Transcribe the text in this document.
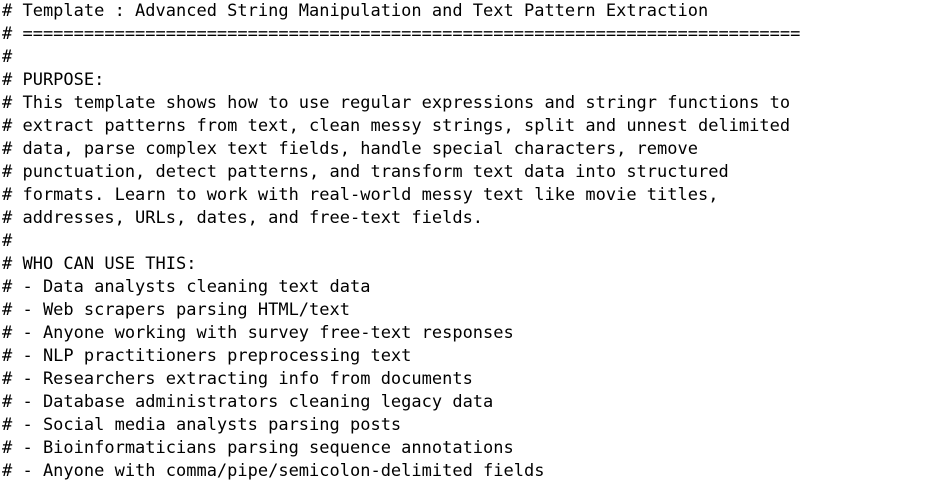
# Template : Advanced String Manipulation and Text Pattern Extraction
# ============================================================================
#
# PURPOSE:
# This template shows how to use regular expressions and stringr functions to
# extract patterns from text, clean messy strings, split and unnest delimited
# data, parse complex text fields, handle special characters, remove
# punctuation, detect patterns, and transform text data into structured
# formats. Learn to work with real-world messy text like movie titles,
# addresses, URLs, dates, and free-text fields.
#
# WHO CAN USE THIS:
# - Data analysts cleaning text data
# - Web scrapers parsing HTML/text
# - Anyone working with survey free-text responses
# - NLP practitioners preprocessing text
# - Researchers extracting info from documents
# - Database administrators cleaning legacy data
# - Social media analysts parsing posts
# - Bioinformaticians parsing sequence annotations
# - Anyone with comma/pipe/semicolon-delimited fields
